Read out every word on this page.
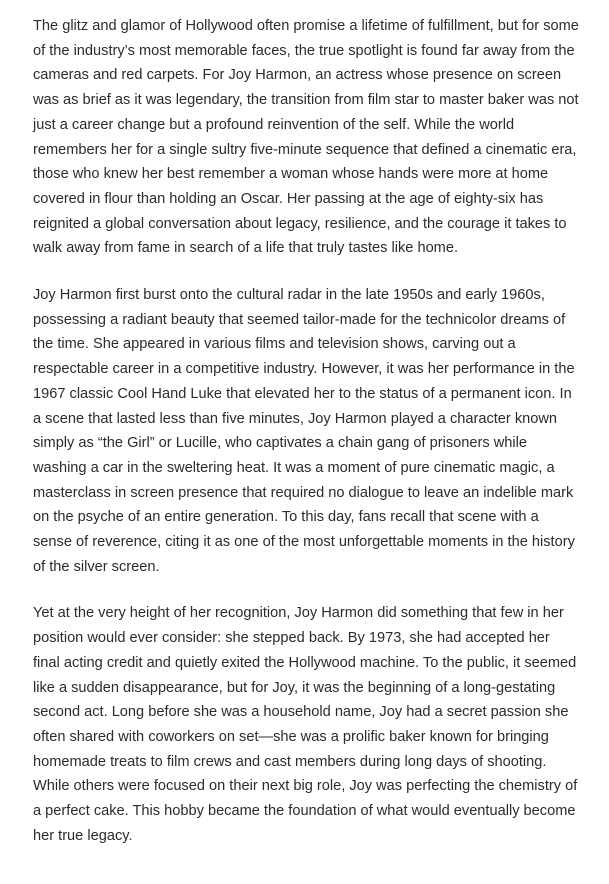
The glitz and glamor of Hollywood often promise a lifetime of fulfillment, but for some of the industry’s most memorable faces, the true spotlight is found far away from the cameras and red carpets. For Joy Harmon, an actress whose presence on screen was as brief as it was legendary, the transition from film star to master baker was not just a career change but a profound reinvention of the self. While the world remembers her for a single sultry five-minute sequence that defined a cinematic era, those who knew her best remember a woman whose hands were more at home covered in flour than holding an Oscar. Her passing at the age of eighty-six has reignited a global conversation about legacy, resilience, and the courage it takes to walk away from fame in search of a life that truly tastes like home.

Joy Harmon first burst onto the cultural radar in the late 1950s and early 1960s, possessing a radiant beauty that seemed tailor-made for the technicolor dreams of the time. She appeared in various films and television shows, carving out a respectable career in a competitive industry. However, it was her performance in the 1967 classic Cool Hand Luke that elevated her to the status of a permanent icon. In a scene that lasted less than five minutes, Joy Harmon played a character known simply as “the Girl” or Lucille, who captivates a chain gang of prisoners while washing a car in the sweltering heat. It was a moment of pure cinematic magic, a masterclass in screen presence that required no dialogue to leave an indelible mark on the psyche of an entire generation. To this day, fans recall that scene with a sense of reverence, citing it as one of the most unforgettable moments in the history of the silver screen.

Yet at the very height of her recognition, Joy Harmon did something that few in her position would ever consider: she stepped back. By 1973, she had accepted her final acting credit and quietly exited the Hollywood machine. To the public, it seemed like a sudden disappearance, but for Joy, it was the beginning of a long-gestating second act. Long before she was a household name, Joy had a secret passion she often shared with coworkers on set—she was a prolific baker known for bringing homemade treats to film crews and cast members during long days of shooting. While others were focused on their next big role, Joy was perfecting the chemistry of a perfect cake. This hobby became the foundation of what would eventually become her true legacy.
